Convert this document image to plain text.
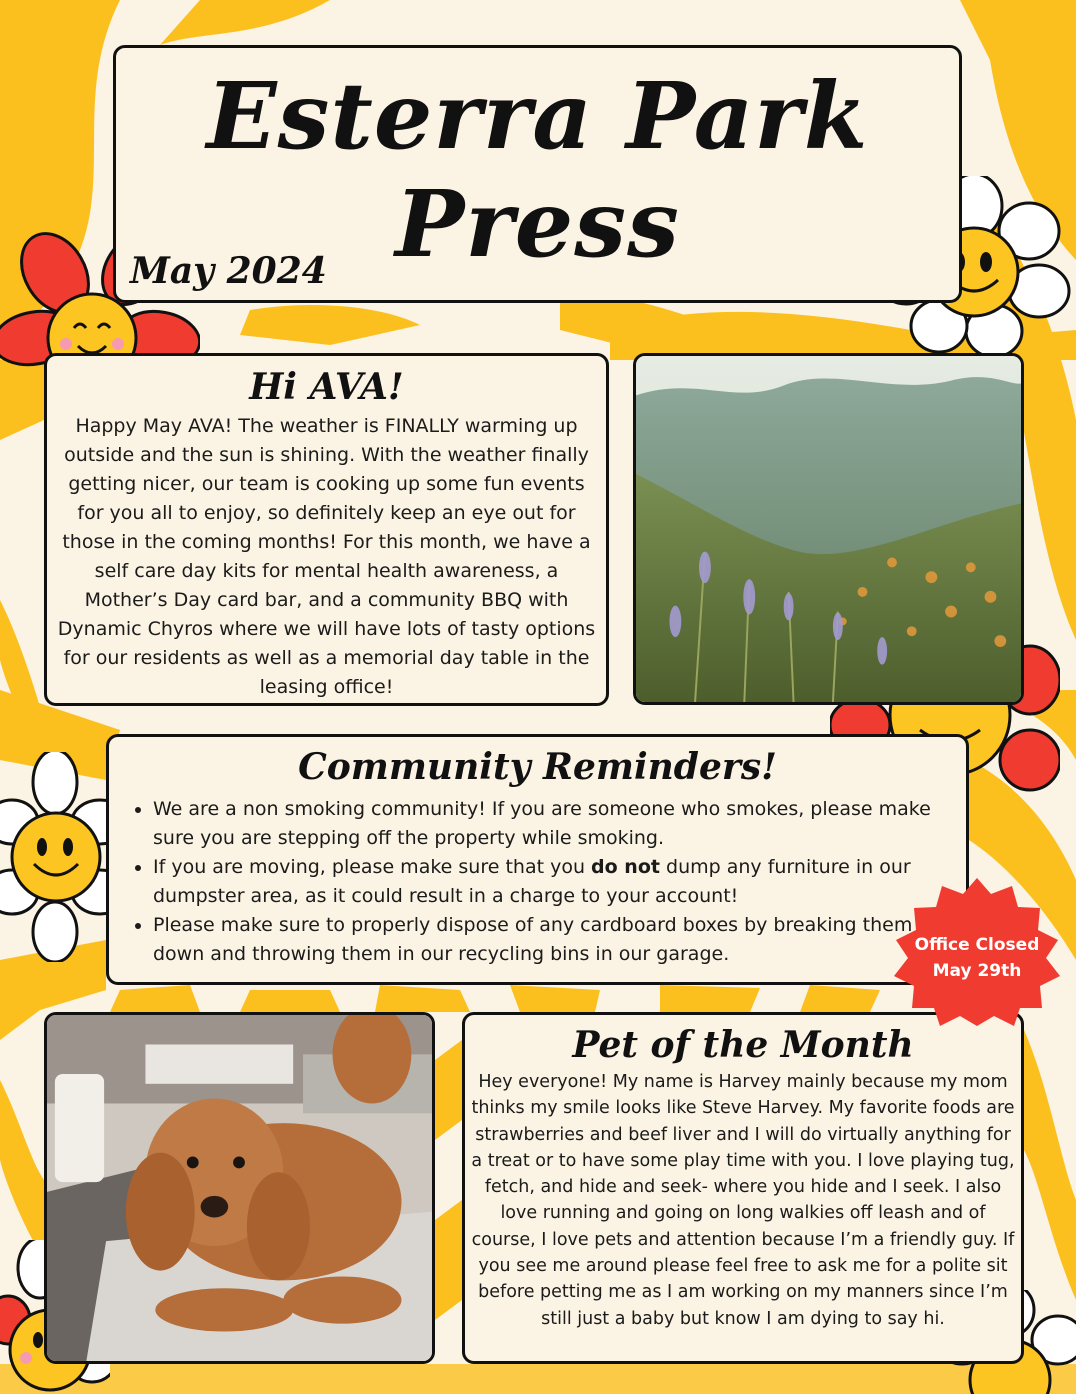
Esterra Park
Press
May 2024
Hi AVA!

Happy May AVA! The weather is FINALLY warming up outside and the sun is shining. With the weather finally getting nicer, our team is cooking up some fun events for you all to enjoy, so definitely keep an eye out for those in the coming months! For this month, we have a self care day kits for mental health awareness, a Mother’s Day card bar, and a community BBQ with Dynamic Chyros where we will have lots of tasty options for our residents as well as a memorial day table in the leasing office!

Community Reminders!
• We are a non smoking community! If you are someone who smokes, please make sure you are stepping off the property while smoking.
• If you are moving, please make sure that you do not dump any furniture in our dumpster area, as it could result in a charge to your account!
• Please make sure to properly dispose of any cardboard boxes by breaking them down and throwing them in our recycling bins in our garage.	Office Closed
May 29th
Pet of the Month

Hey everyone! My name is Harvey mainly because my mom thinks my smile looks like Steve Harvey. My favorite foods are strawberries and beef liver and I will do virtually anything for a treat or to have some play time with you. I love playing tug, fetch, and hide and seek- where you hide and I seek. I also love running and going on long walkies off leash and of course, I love pets and attention because I’m a friendly guy. If you see me around please feel free to ask me for a polite sit before petting me as I am working on my manners since I’m still just a baby but know I am dying to say hi.
